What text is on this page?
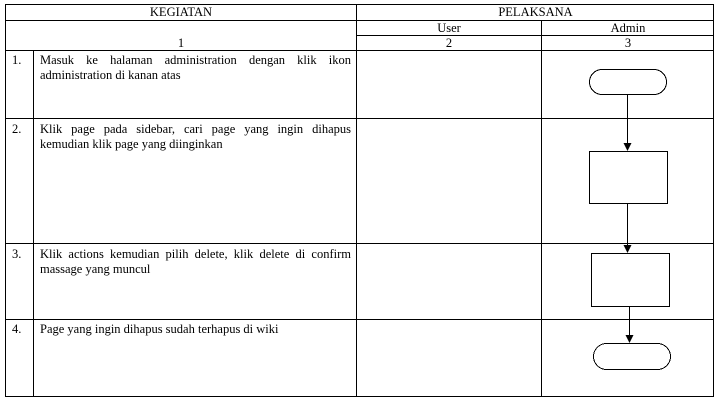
KEGIATAN	PELAKSANA
User	Admin
1	2	3
1.	Masuk ke halaman administration dengan klik ikon administration di kanan atas
2.	Klik page pada sidebar, cari page yang ingin dihapus kemudian klik page yang diinginkan
3.	Klik actions kemudian pilih delete, klik delete di confirm massage yang muncul
4.	Page yang ingin dihapus sudah terhapus di wiki
